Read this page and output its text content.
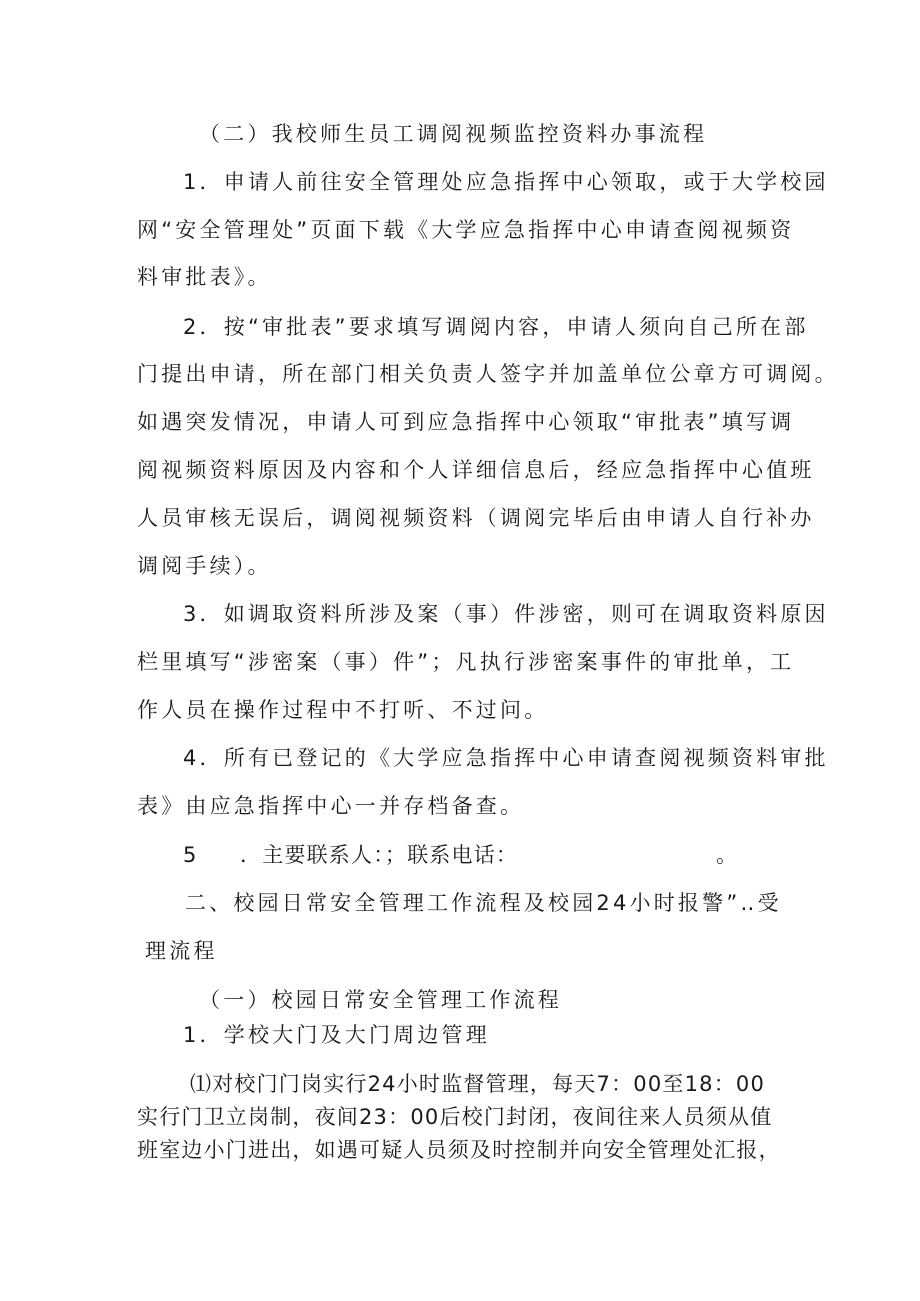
（二）我校师生员工调阅视频监控资料办事流程
1．申请人前往安全管理处应急指挥中心领取，或于大学校园
网“安全管理处”页面下载《大学应急指挥中心申请查阅视频资
料审批表》。
2．按“审批表”要求填写调阅内容，申请人须向自己所在部
门提出申请，所在部门相关负责人签字并加盖单位公章方可调阅。
如遇突发情况，申请人可到应急指挥中心领取“审批表”填写调
阅视频资料原因及内容和个人详细信息后，经应急指挥中心值班
人员审核无误后，调阅视频资料（调阅完毕后由申请人自行补办
调阅手续）。
3．如调取资料所涉及案（事）件涉密，则可在调取资料原因
栏里填写“涉密案（事）件”；凡执行涉密案事件的审批单，工
作人员在操作过程中不打听、不过问。
4．所有已登记的《大学应急指挥中心申请查阅视频资料审批
表》由应急指挥中心一并存档备查。
5 ．主要联系人：；联系电话：	。
二、校园日常安全管理工作流程及校园24小时报警”‥受
理流程
（一）校园日常安全管理工作流程
1．学校大门及大门周边管理
⑴对校门门岗实行24小时监督管理，每天7：00至18：00
实行门卫立岗制，夜间23：00后校门封闭，夜间往来人员须从值
班室边小门进出，如遇可疑人员须及时控制并向安全管理处汇报，
